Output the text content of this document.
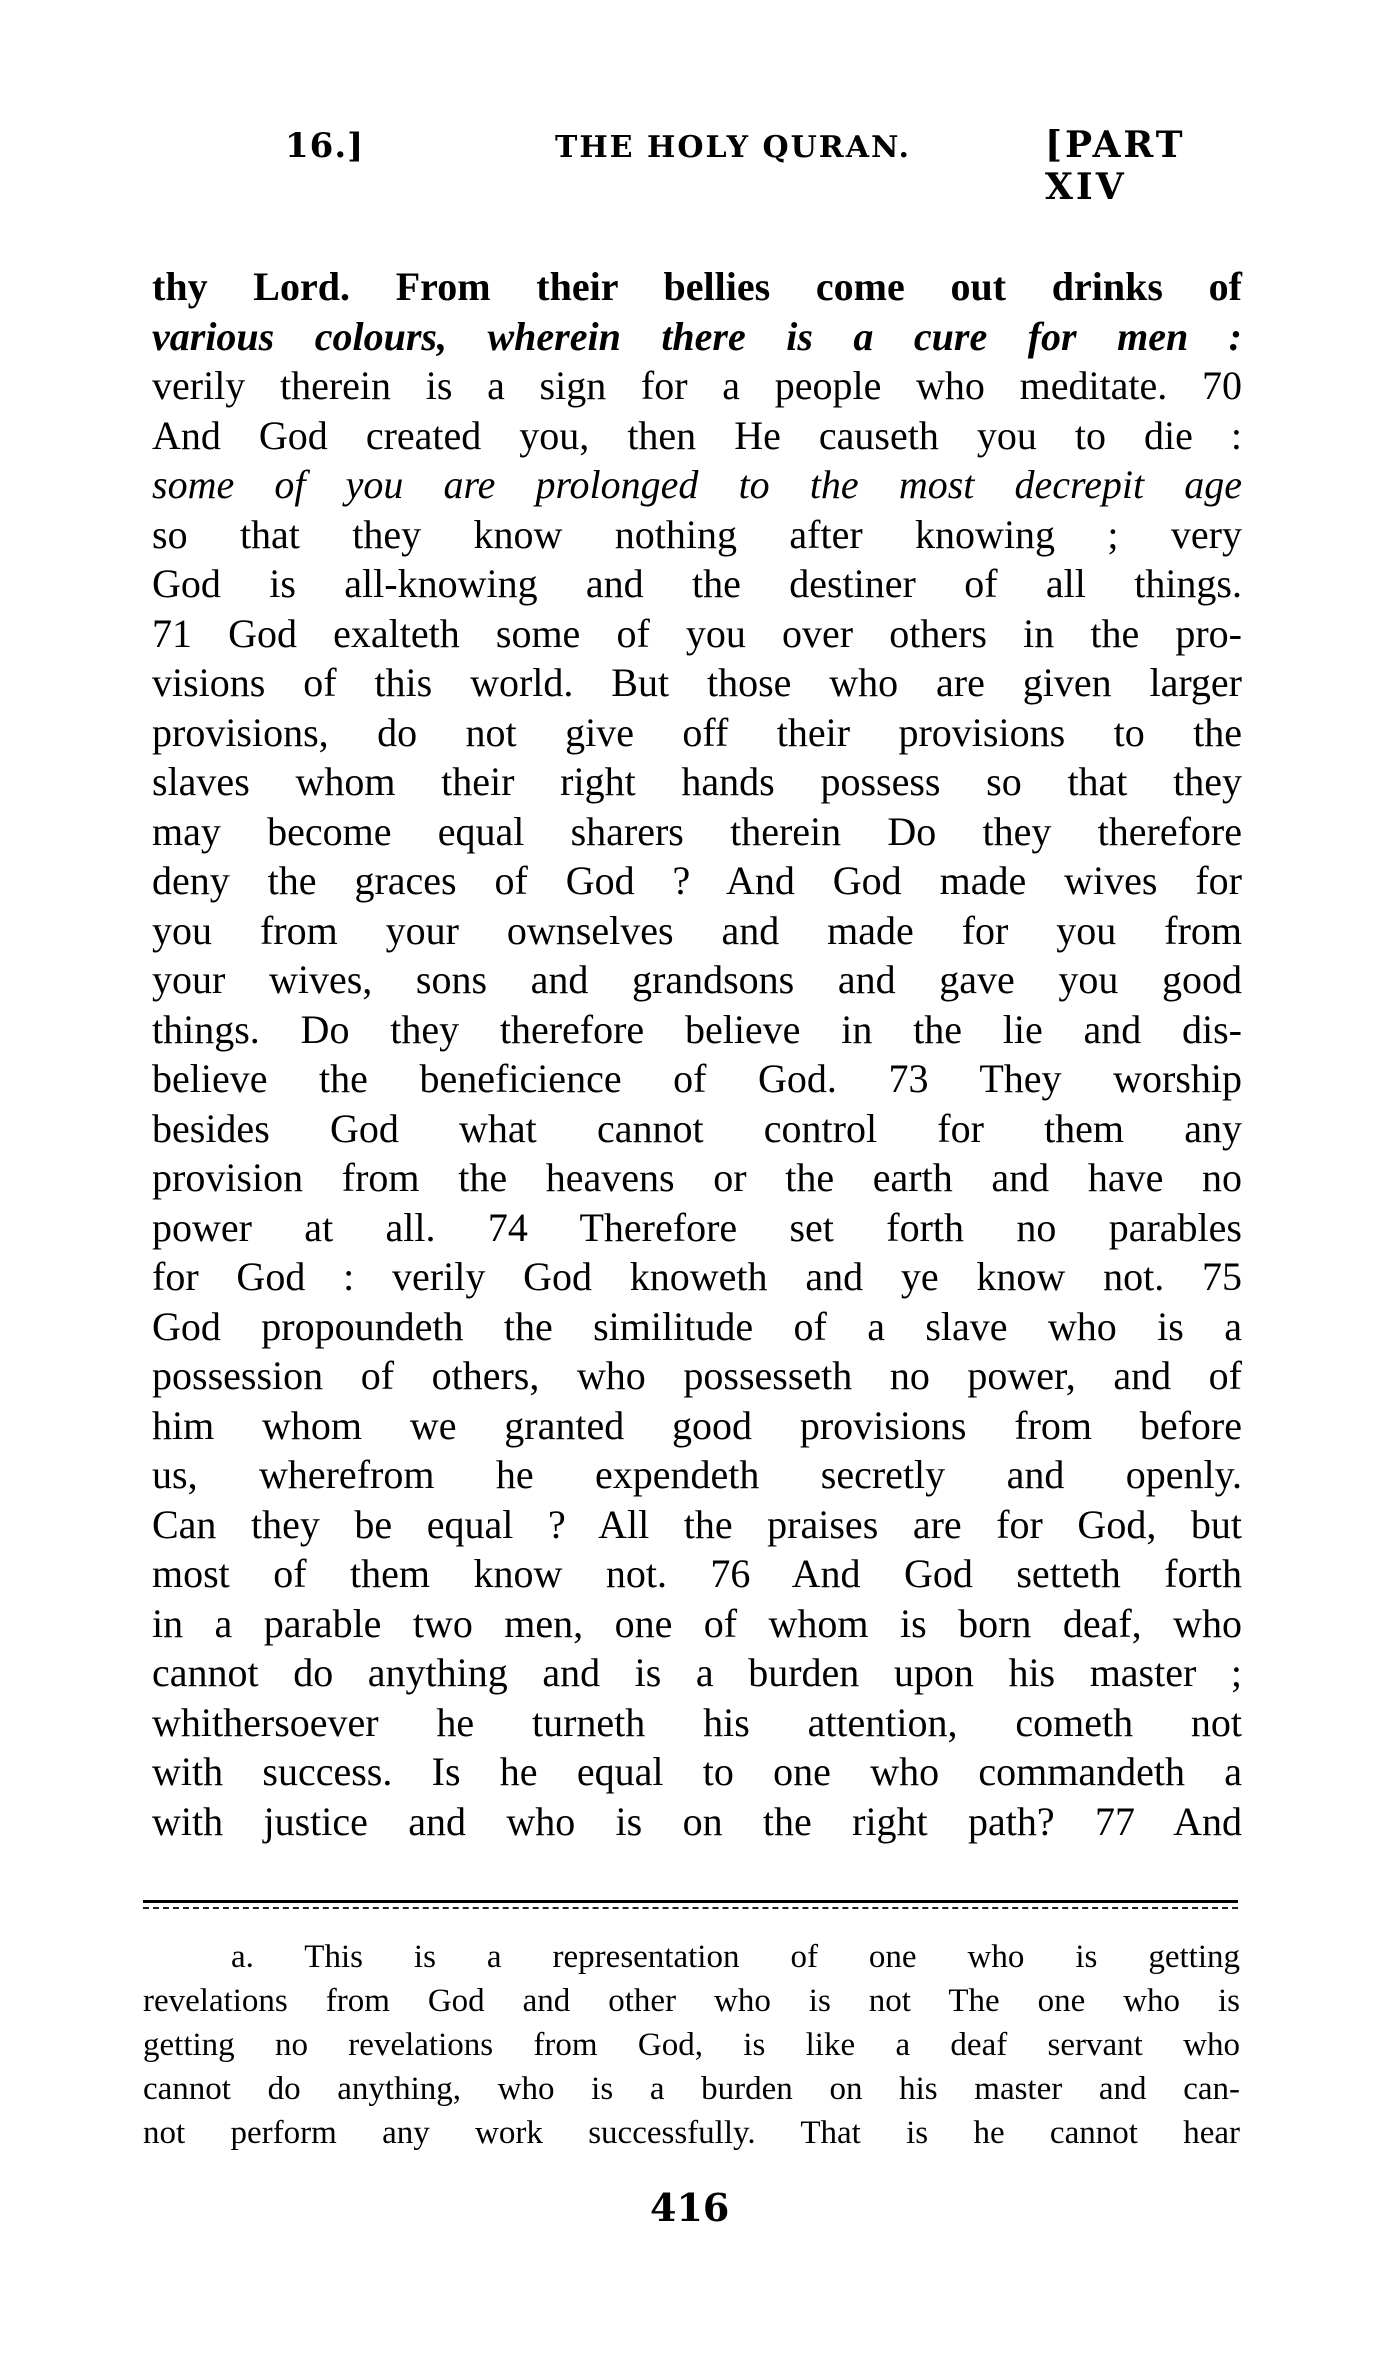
16.]	THE HOLY QURAN.	[PART XIV
thy Lord. From their bellies come out drinks of
various colours, wherein there is a cure for men :
verily therein is a sign for a people who meditate. 70
And God created you, then He causeth you to die :
some of you are prolonged to the most decrepit age
so that they know nothing after knowing ; very
God is all-knowing and the destiner of all things.
71 God exalteth some of you over others in the pro-
visions of this world. But those who are given larger
provisions, do not give off their provisions to the
slaves whom their right hands possess so that they
may become equal sharers therein Do they therefore
deny the graces of God ? And God made wives for
you from your ownselves and made for you from
your wives, sons and grandsons and gave you good
things. Do they therefore believe in the lie and dis-
believe the beneficience of God. 73 They worship
besides God what cannot control for them any
provision from the heavens or the earth and have no
power at all. 74 Therefore set forth no parables
for God : verily God knoweth and ye know not. 75
God propoundeth the similitude of a slave who is a
possession of others, who possesseth no power, and of
him whom we granted good provisions from before
us, wherefrom he expendeth secretly and openly.
Can they be equal ? All the praises are for God, but
most of them know not. 76 And God setteth forth
in a parable two men, one of whom is born deaf, who
cannot do anything and is a burden upon his master ;
whithersoever he turneth his attention, cometh not
with success. Is he equal to one who commandeth a
with justice and who is on the right path? 77 And
a. This is a representation of one who is getting
revelations from God and other who is not The one who is
getting no revelations from God, is like a deaf servant who
cannot do anything, who is a burden on his master and can-
not perform any work successfully. That is he cannot hear
416
